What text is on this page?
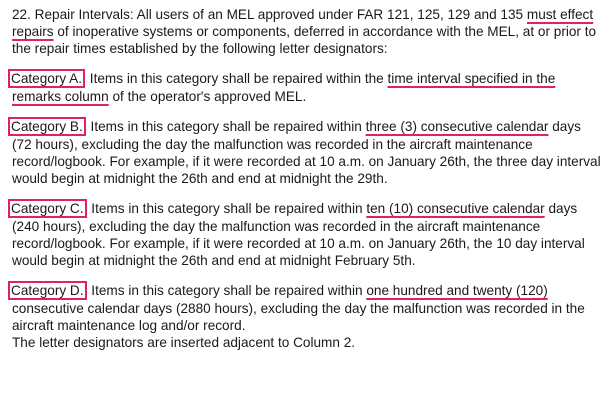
22. Repair Intervals: All users of an MEL approved under FAR 121, 125, 129 and 135 must effect repairs of inoperative systems or components, deferred in accordance with the MEL, at or prior to the repair times established by the following letter designators:

Category A. Items in this category shall be repaired within the time interval specified in the remarks column of the operator's approved MEL.

Category B. Items in this category shall be repaired within three (3) consecutive calendar days (72 hours), excluding the day the malfunction was recorded in the aircraft maintenance record/logbook. For example, if it were recorded at 10 a.m. on January 26th, the three day interval would begin at midnight the 26th and end at midnight the 29th.

Category C. Items in this category shall be repaired within ten (10) consecutive calendar days (240 hours), excluding the day the malfunction was recorded in the aircraft maintenance record/logbook. For example, if it were recorded at 10 a.m. on January 26th, the 10 day interval would begin at midnight the 26th and end at midnight February 5th.

Category D. Items in this category shall be repaired within one hundred and twenty (120) consecutive calendar days (2880 hours), excluding the day the malfunction was recorded in the aircraft maintenance log and/or record.

The letter designators are inserted adjacent to Column 2.
